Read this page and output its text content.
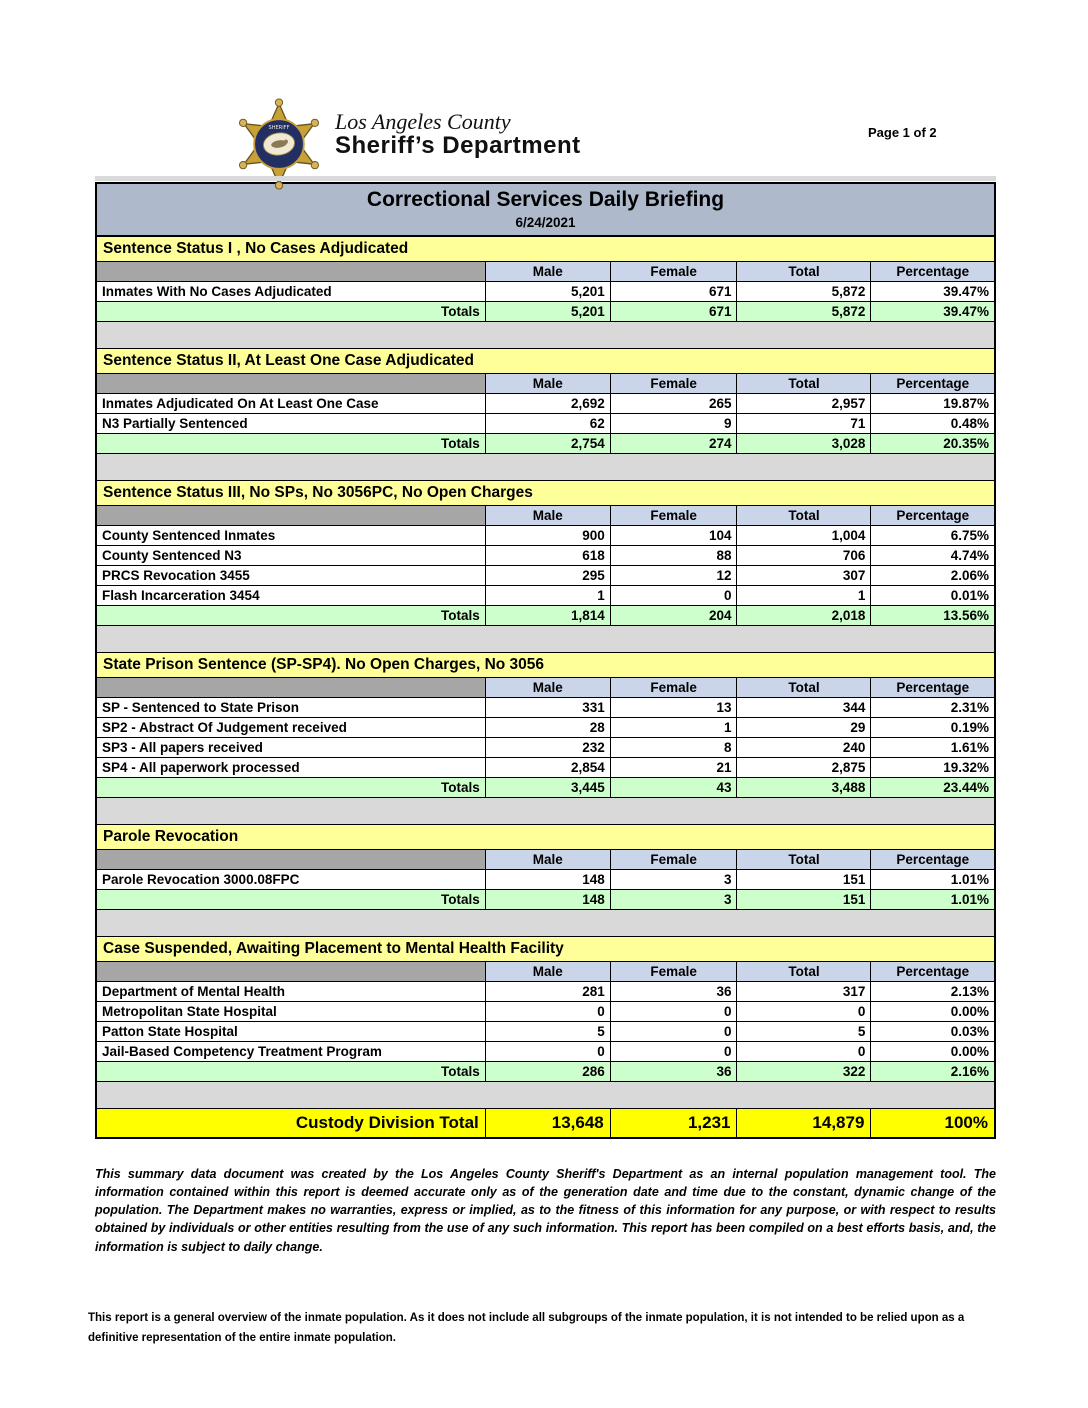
SHERIFF Los Angeles County
Sheriff’s Department	Page 1 of 2
Correctional Services Daily Briefing
6/24/2021				

Sentence Status I , No Cases Adjudicated				
	Male	Female	Total	Percentage
Inmates With No Cases Adjudicated	5,201	671	5,872	39.47%
Totals	5,201	671	5,872	39.47%

Sentence Status II, At Least One Case Adjudicated				
	Male	Female	Total	Percentage
Inmates Adjudicated On At Least One Case	2,692	265	2,957	19.87%
N3 Partially Sentenced	62	9	71	0.48%
Totals	2,754	274	3,028	20.35%

Sentence Status III, No SPs, No 3056PC, No Open Charges				
	Male	Female	Total	Percentage
County Sentenced Inmates	900	104	1,004	6.75%
County Sentenced N3	618	88	706	4.74%
PRCS Revocation 3455	295	12	307	2.06%
Flash Incarceration 3454	1	0	1	0.01%
Totals	1,814	204	2,018	13.56%

State Prison Sentence (SP-SP4). No Open Charges, No 3056				
	Male	Female	Total	Percentage
SP - Sentenced to State Prison	331	13	344	2.31%
SP2 - Abstract Of Judgement received	28	1	29	0.19%
SP3 - All papers received	232	8	240	1.61%
SP4 - All paperwork processed	2,854	21	2,875	19.32%
Totals	3,445	43	3,488	23.44%

Parole Revocation				
	Male	Female	Total	Percentage
Parole Revocation 3000.08FPC	148	3	151	1.01%
Totals	148	3	151	1.01%

Case Suspended, Awaiting Placement to Mental Health Facility				
	Male	Female	Total	Percentage
Department of Mental Health	281	36	317	2.13%
Metropolitan State Hospital	0	0	0	0.00%
Patton State Hospital	5	0	5	0.03%
Jail-Based Competency Treatment Program	0	0	0	0.00%
Totals	286	36	322	2.16%

Custody Division Total	13,648	1,231	14,879	100%

This summary data document was created by the Los Angeles County Sheriff's Department as an internal population management tool. The information contained within this report is deemed accurate only as of the generation date and time due to the constant, dynamic change of the population. The Department makes no warranties, express or implied, as to the fitness of this information for any purpose, or with respect to results obtained by individuals or other entities resulting from the use of any such information. This report has been compiled on a best efforts basis, and, the information is subject to daily change.

This report is a general overview of the inmate population. As it does not include all subgroups of the inmate population, it is not intended to be relied upon as a definitive representation of the entire inmate population.
